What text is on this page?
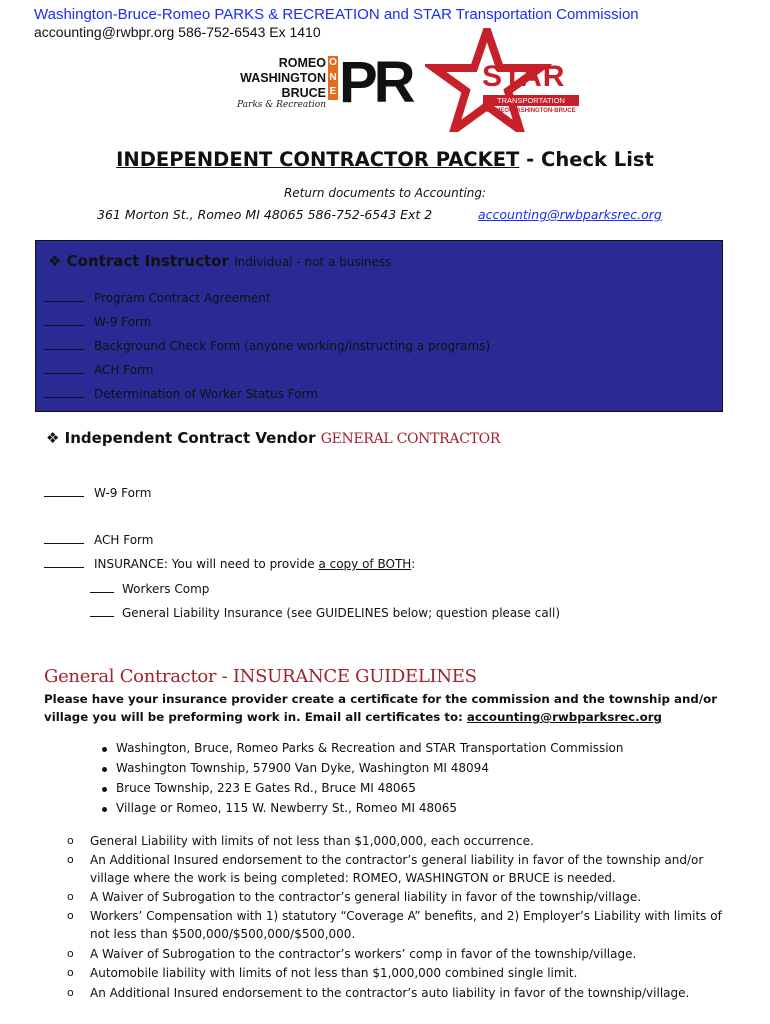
Washington-Bruce-Romeo PARKS & RECREATION and STAR Transportation Commission
accounting@rwbpr.org 586-752-6543 Ex 1410
ROMEO
WASHINGTON
BRUCE
O
N
E PR
Parks & Recreation
STAR
TRANSPORTATION
ROMEO-WASHINGTON-BRUCE
INDEPENDENT CONTRACTOR PACKET - Check List
Return documents to Accounting:
361 Morton St., Romeo MI 48065 586-752-6543 Ext 2	accounting@rwbparksrec.org
❖ Contract Instructor Individual - not a business
Program Contract Agreement
W-9 Form
Background Check Form (anyone working/instructing a programs)
ACH Form
Determination of Worker Status Form
❖ Independent Contract Vendor GENERAL CONTRACTOR
W-9 Form
ACH Form
INSURANCE: You will need to provide a copy of BOTH:
Workers Comp
General Liability Insurance (see GUIDELINES below; question please call)
General Contractor - INSURANCE GUIDELINES
Please have your insurance provider create a certificate for the commission and the township and/or village you will be preforming work in. Email all certificates to: accounting@rwbparksrec.org
Washington, Bruce, Romeo Parks & Recreation and STAR Transportation Commission
Washington Township, 57900 Van Dyke, Washington MI 48094
Bruce Township, 223 E Gates Rd., Bruce MI 48065
Village or Romeo, 115 W. Newberry St., Romeo MI 48065
o General Liability with limits of not less than $1,000,000, each occurrence.
o An Additional Insured endorsement to the contractor’s general liability in favor of the township and/or village where the work is being completed: ROMEO, WASHINGTON or BRUCE is needed.
o A Waiver of Subrogation to the contractor’s general liability in favor of the township/village.
o Workers’ Compensation with 1) statutory “Coverage A” benefits, and 2) Employer’s Liability with limits of not less than $500,000/$500,000/$500,000.
o A Waiver of Subrogation to the contractor’s workers’ comp in favor of the township/village.
o Automobile liability with limits of not less than $1,000,000 combined single limit.
o An Additional Insured endorsement to the contractor’s auto liability in favor of the township/village.
